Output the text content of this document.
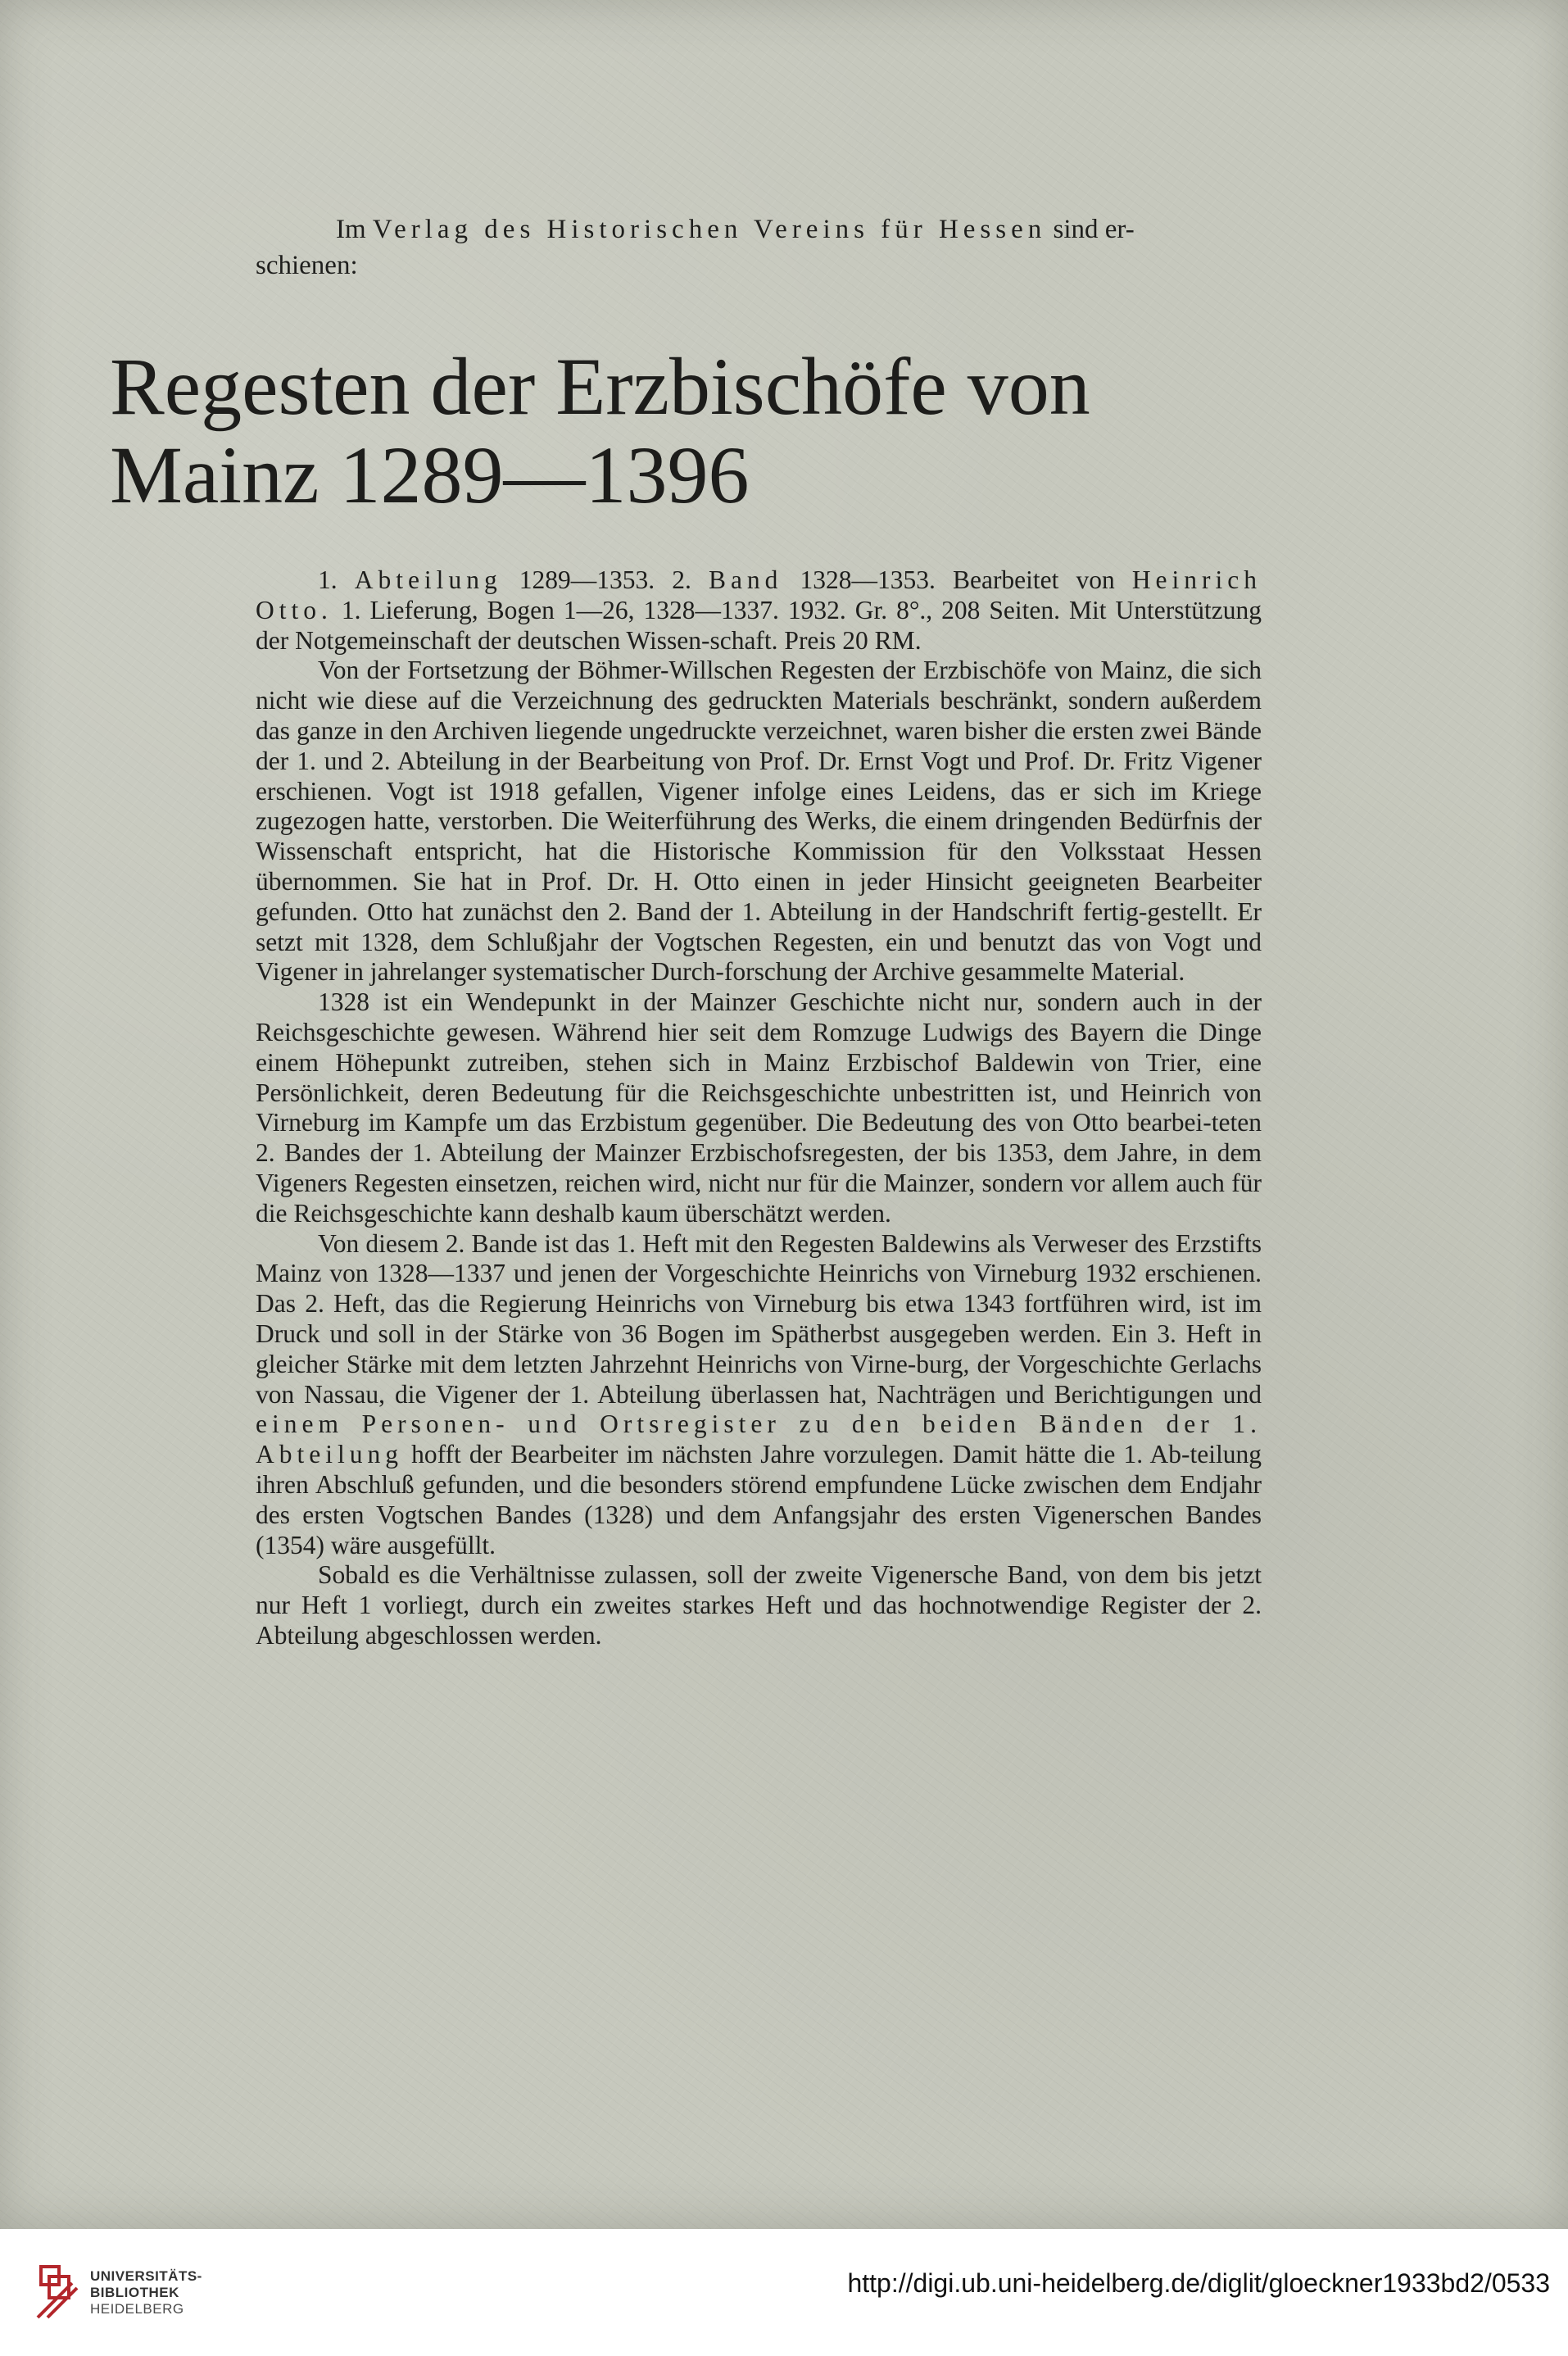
Im Verlag des Historischen Vereins für Hessen sind er-
schienen:
Regesten der Erzbischöfe von
Mainz 1289—1396

1. Abteilung 1289—1353. 2. Band 1328—1353. Bearbeitet von Heinrich Otto. 1. Lieferung, Bogen 1—26, 1328—1337. 1932. Gr. 8°., 208 Seiten. Mit Unterstützung der Notgemeinschaft der deutschen Wissen-schaft. Preis 20 RM.

Von der Fortsetzung der Böhmer-Willschen Regesten der Erzbischöfe von Mainz, die sich nicht wie diese auf die Verzeichnung des gedruckten Materials beschränkt, sondern außerdem das ganze in den Archiven liegende ungedruckte verzeichnet, waren bisher die ersten zwei Bände der 1. und 2. Abteilung in der Bearbeitung von Prof. Dr. Ernst Vogt und Prof. Dr. Fritz Vigener erschienen. Vogt ist 1918 gefallen, Vigener infolge eines Leidens, das er sich im Kriege zugezogen hatte, verstorben. Die Weiterführung des Werks, die einem dringenden Bedürfnis der Wissenschaft entspricht, hat die Historische Kommission für den Volksstaat Hessen übernommen. Sie hat in Prof. Dr. H. Otto einen in jeder Hinsicht geeigneten Bearbeiter gefunden. Otto hat zunächst den 2. Band der 1. Abteilung in der Handschrift fertig-gestellt. Er setzt mit 1328, dem Schlußjahr der Vogtschen Regesten, ein und benutzt das von Vogt und Vigener in jahrelanger systematischer Durch-forschung der Archive gesammelte Material.

1328 ist ein Wendepunkt in der Mainzer Geschichte nicht nur, sondern auch in der Reichsgeschichte gewesen. Während hier seit dem Romzuge Ludwigs des Bayern die Dinge einem Höhepunkt zutreiben, stehen sich in Mainz Erzbischof Baldewin von Trier, eine Persönlichkeit, deren Bedeutung für die Reichsgeschichte unbestritten ist, und Heinrich von Virneburg im Kampfe um das Erzbistum gegenüber. Die Bedeutung des von Otto bearbei-teten 2. Bandes der 1. Abteilung der Mainzer Erzbischofsregesten, der bis 1353, dem Jahre, in dem Vigeners Regesten einsetzen, reichen wird, nicht nur für die Mainzer, sondern vor allem auch für die Reichsgeschichte kann deshalb kaum überschätzt werden.

Von diesem 2. Bande ist das 1. Heft mit den Regesten Baldewins als Verweser des Erzstifts Mainz von 1328—1337 und jenen der Vorgeschichte Heinrichs von Virneburg 1932 erschienen. Das 2. Heft, das die Regierung Heinrichs von Virneburg bis etwa 1343 fortführen wird, ist im Druck und soll in der Stärke von 36 Bogen im Spätherbst ausgegeben werden. Ein 3. Heft in gleicher Stärke mit dem letzten Jahrzehnt Heinrichs von Virne-burg, der Vorgeschichte Gerlachs von Nassau, die Vigener der 1. Abteilung überlassen hat, Nachträgen und Berichtigungen und einem Personen- und Ortsregister zu den beiden Bänden der 1. Abteilung hofft der Bearbeiter im nächsten Jahre vorzulegen. Damit hätte die 1. Ab-teilung ihren Abschluß gefunden, und die besonders störend empfundene Lücke zwischen dem Endjahr des ersten Vogtschen Bandes (1328) und dem Anfangsjahr des ersten Vigenerschen Bandes (1354) wäre ausgefüllt.

Sobald es die Verhältnisse zulassen, soll der zweite Vigenersche Band, von dem bis jetzt nur Heft 1 vorliegt, durch ein zweites starkes Heft und das hochnotwendige Register der 2. Abteilung abgeschlossen werden.

UNIVERSITÄTS-
BIBLIOTHEK
HEIDELBERG
http://digi.ub.uni-heidelberg.de/diglit/gloeckner1933bd2/0533
